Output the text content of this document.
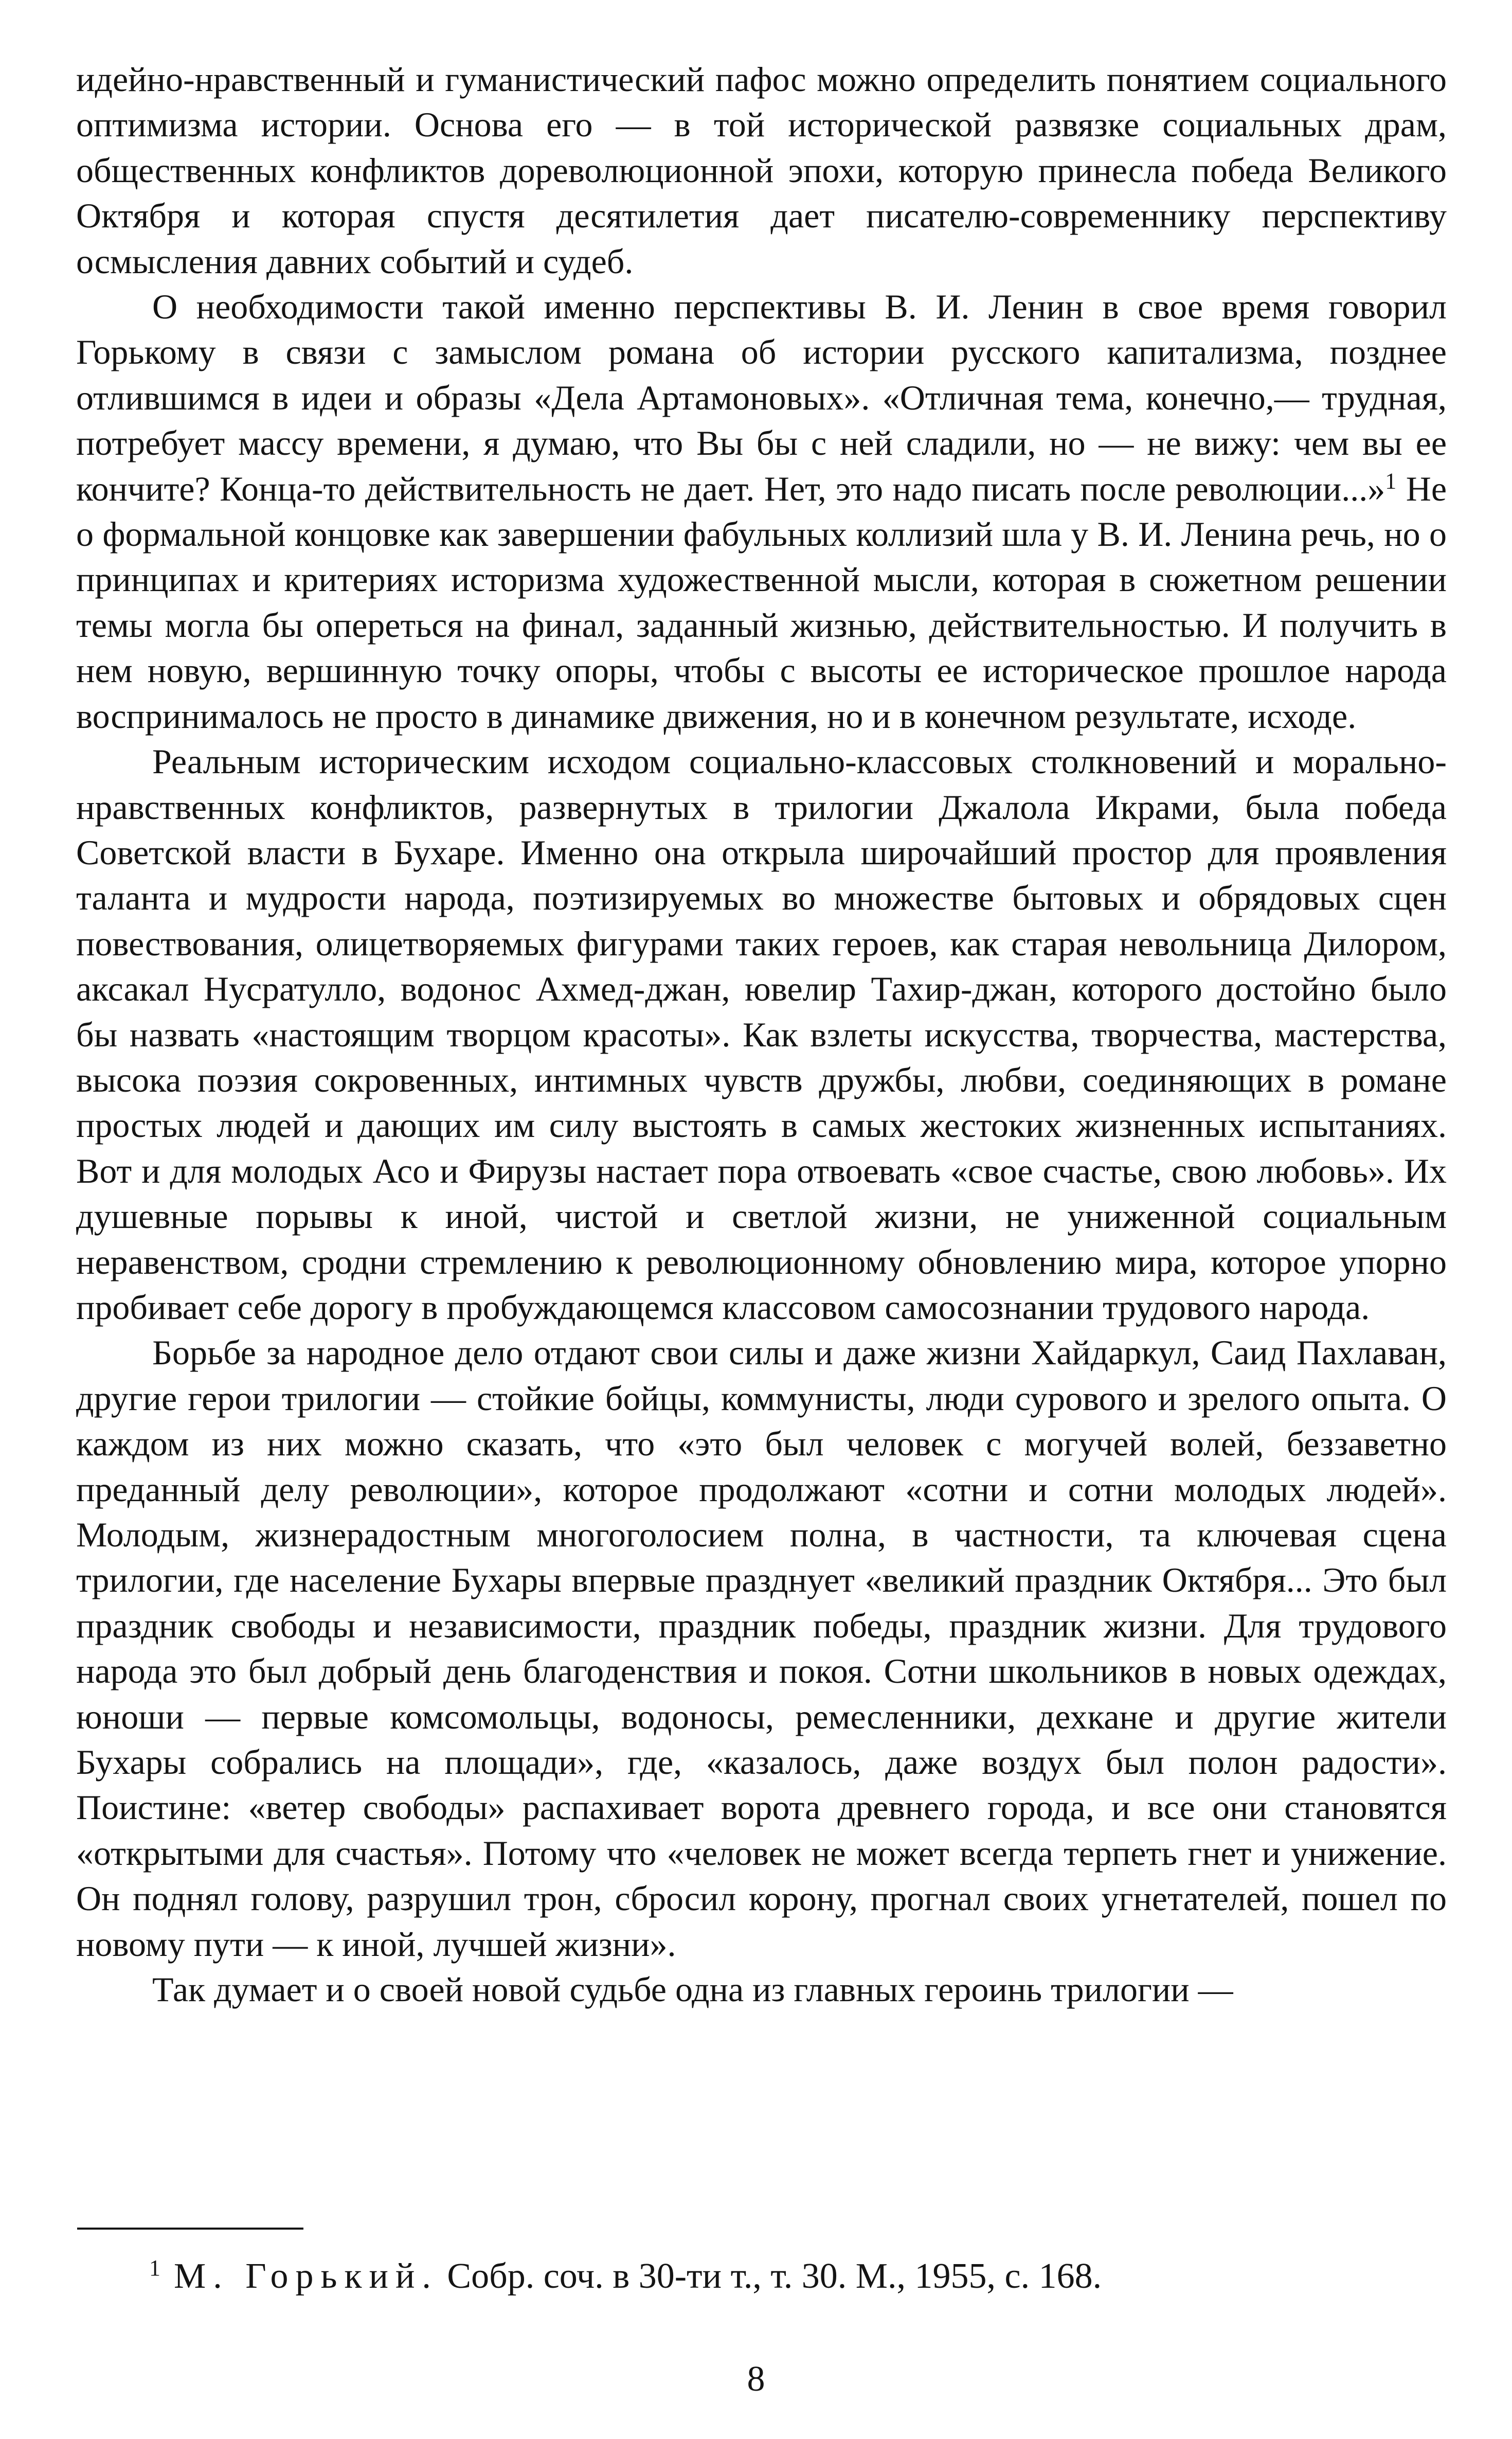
идейно-нравственный и гуманистический пафос можно определить понятием социального оптимизма истории. Основа его — в той исторической развязке социальных драм, общественных конфликтов дореволюционной эпохи, которую принесла победа Великого Октября и которая спустя десятилетия дает писателю-современнику перспективу осмысления давних событий и судеб.

О необходимости такой именно перспективы В. И. Ленин в свое время говорил Горькому в связи с замыслом романа об истории русского капитализма, позднее отлившимся в идеи и образы «Дела Артамоновых». «Отличная тема, конечно,— трудная, потребует массу времени, я думаю, что Вы бы с ней сладили, но — не вижу: чем вы ее кончите? Конца-то действительность не дает. Нет, это надо писать после революции...»$^1$ Не о формальной концовке как завершении фабульных коллизий шла у В. И. Ленина речь, но о принципах и критериях историзма художественной мысли, которая в сюжетном решении темы могла бы опереться на финал, заданный жизнью, действительностью. И получить в нем новую, вершинную точку опоры, чтобы с высоты ее историческое прошлое народа воспринималось не просто в динамике движения, но и в конечном результате, исходе.

Реальным историческим исходом социально-классовых столкновений и морально-нравственных конфликтов, развернутых в трилогии Джалола Икрами, была победа Советской власти в Бухаре. Именно она открыла широчайший простор для проявления таланта и мудрости народа, поэтизируемых во множестве бытовых и обрядовых сцен повествования, олицетворяемых фигурами таких героев, как старая невольница Дилором, аксакал Нусратулло, водонос Ахмед-джан, ювелир Тахир-джан, которого достойно было бы назвать «настоящим творцом красоты». Как взлеты искусства, творчества, мастерства, высока поэзия сокровенных, интимных чувств дружбы, любви, соединяющих в романе простых людей и дающих им силу выстоять в самых жестоких жизненных испытаниях. Вот и для молодых Асо и Фирузы настает пора отвоевать «свое счастье, свою любовь». Их душевные порывы к иной, чистой и светлой жизни, не униженной социальным неравенством, сродни стремлению к революционному обновлению мира, которое упорно пробивает себе дорогу в пробуждающемся классовом самосознании трудового народа.

Борьбе за народное дело отдают свои силы и даже жизни Хайдаркул, Саид Пахлаван, другие герои трилогии — стойкие бойцы, коммунисты, люди сурового и зрелого опыта. О каждом из них можно сказать, что «это был человек с могучей волей, беззаветно преданный делу революции», которое продолжают «сотни и сотни молодых людей». Молодым, жизнерадостным многоголосием полна, в частности, та ключевая сцена трилогии, где население Бухары впервые празднует «великий праздник Октября... Это был праздник свободы и независимости, праздник победы, праздник жизни. Для трудового народа это был добрый день благоденствия и покоя. Сотни школьников в новых одеждах, юноши — первые комсомольцы, водоносы, ремесленники, дехкане и другие жители Бухары собрались на площади», где, «казалось, даже воздух был полон радости». Поистине: «ветер свободы» распахивает ворота древнего города, и все они становятся «открытыми для счастья». Потому что «человек не может всегда терпеть гнет и унижение. Он поднял голову, разрушил трон, сбросил корону, прогнал своих угнетателей, пошел по новому пути — к иной, лучшей жизни».

Так думает и о своей новой судьбе одна из главных героинь трилогии —

$^1$ М. Горький. Собр. соч. в 30-ти т., т. 30. М., 1955, с. 168.
8
